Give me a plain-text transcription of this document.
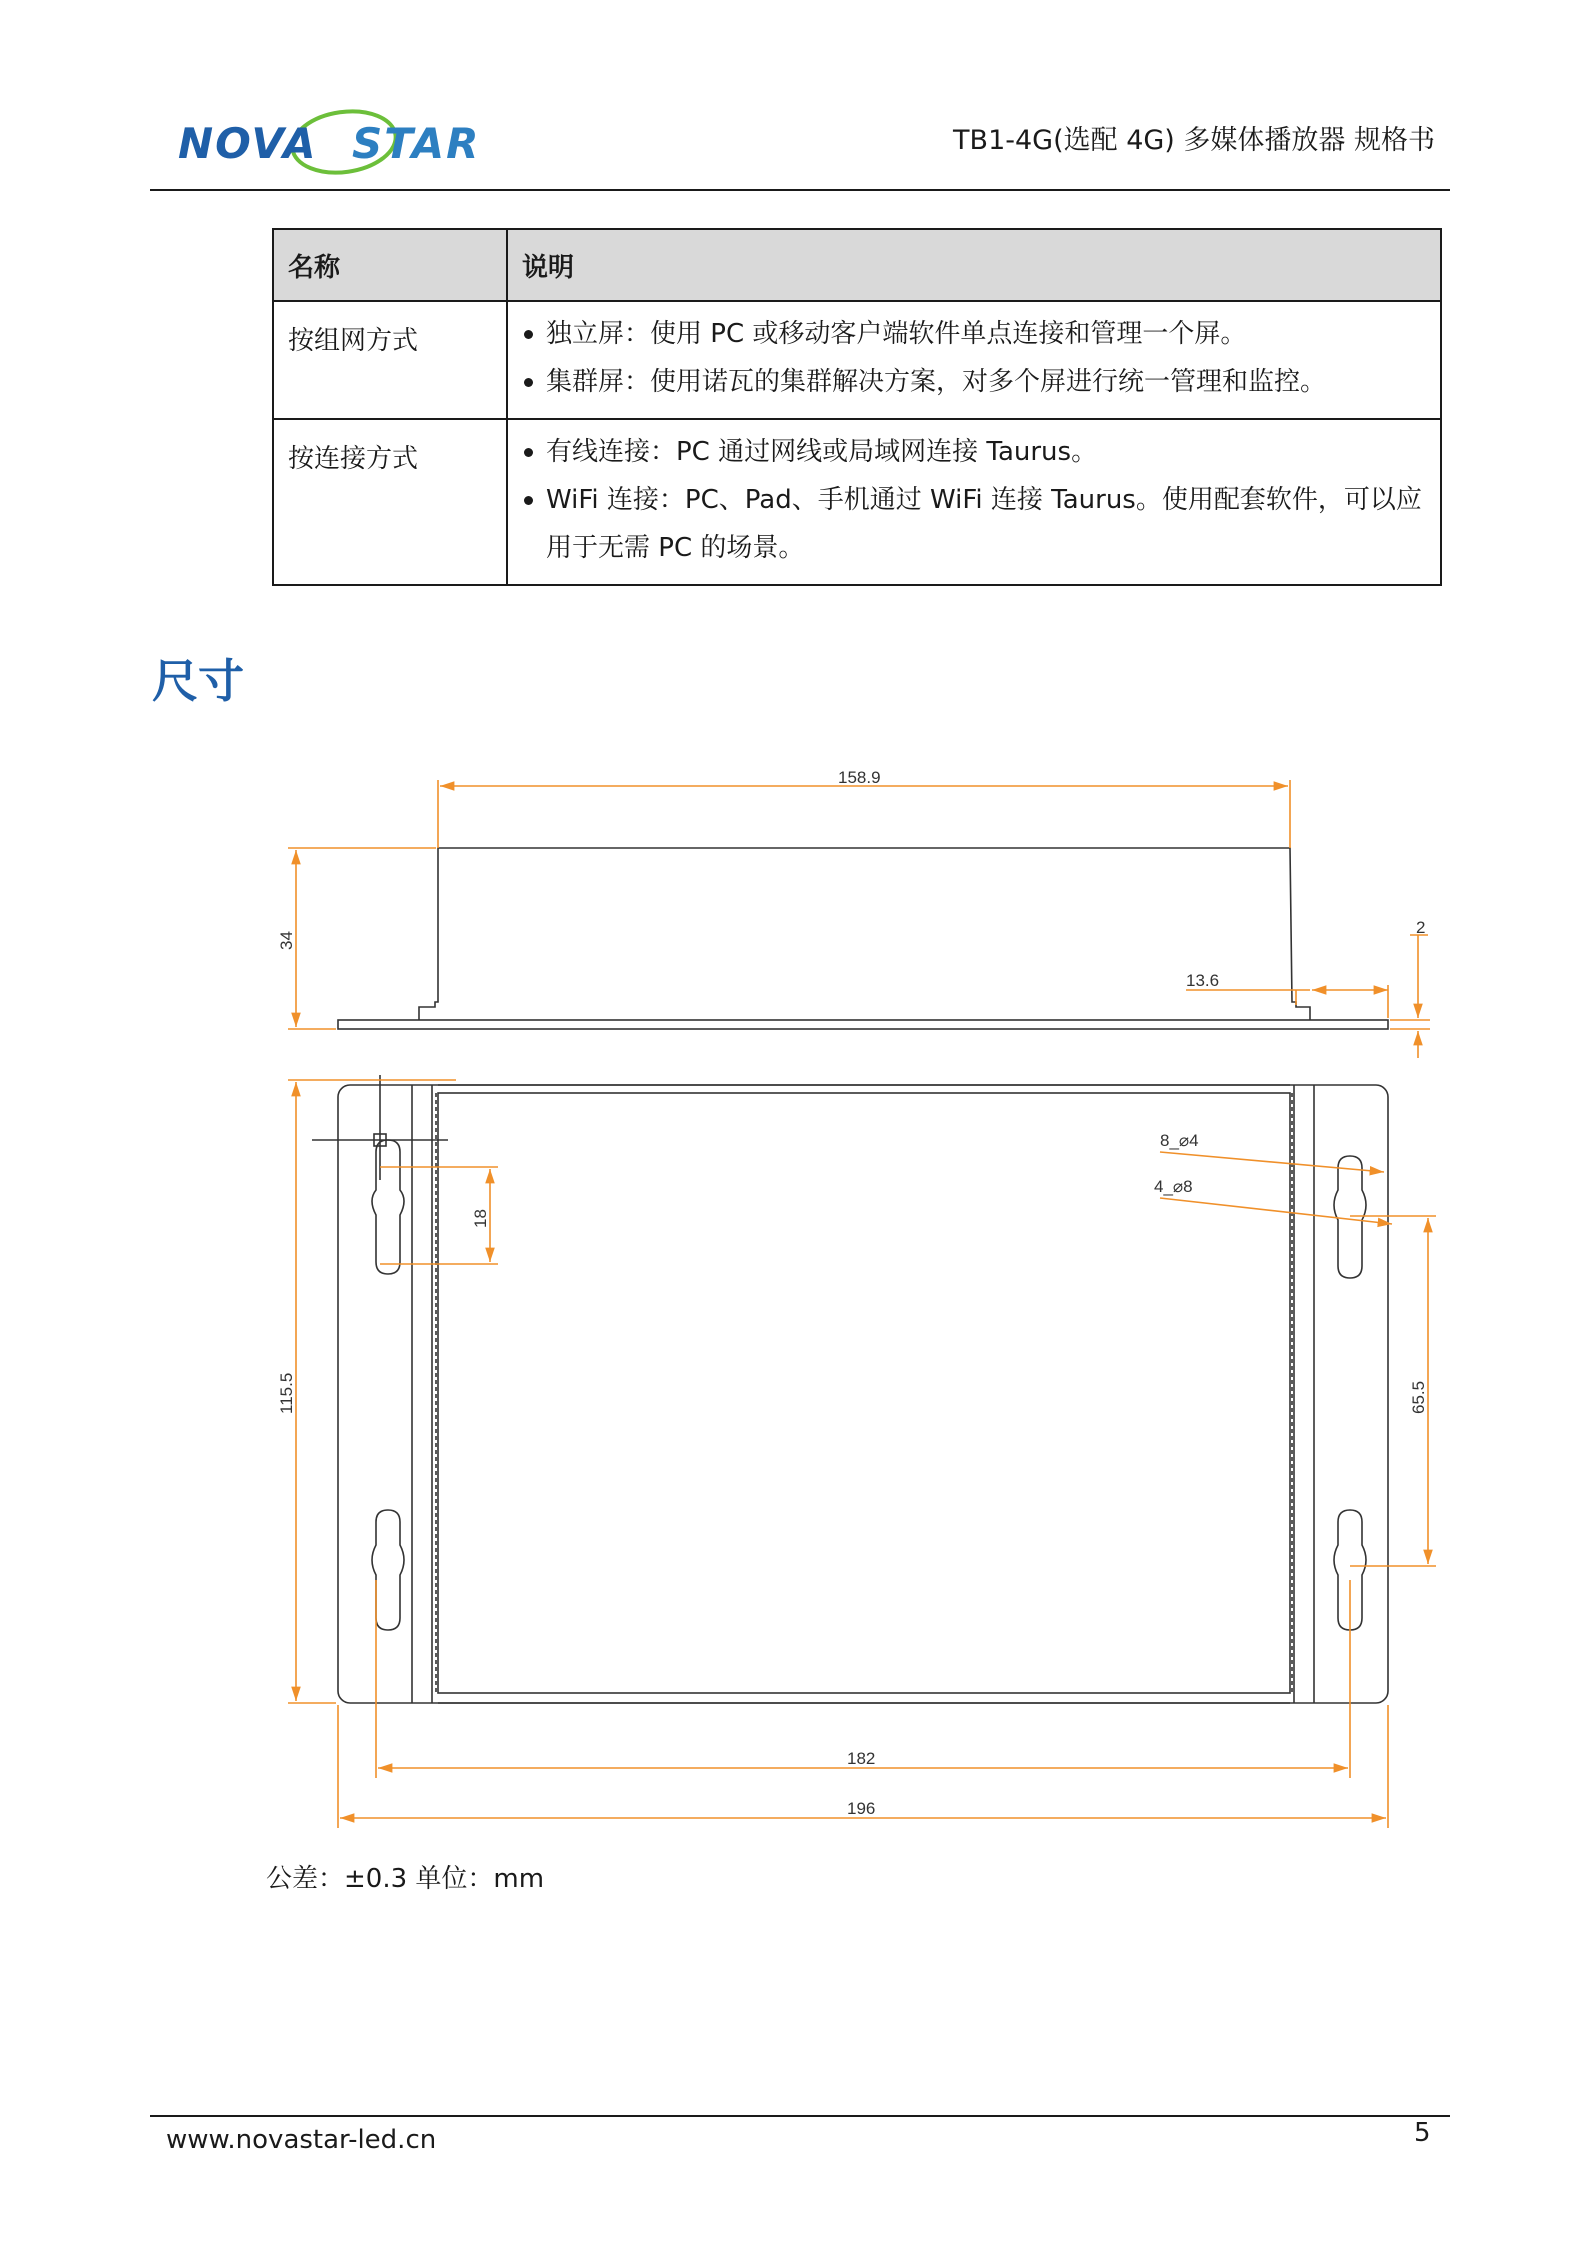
NOVA STAR	TB1-4G(选配 4G) 多媒体播放器 规格书
名称	说明
按组网方式	独立屏：使用 PC 或移动客户端软件单点连接和管理一个屏。
集群屏：使用诺瓦的集群解决方案，对多个屏进行统一管理和监控。

按连接方式	有线连接：PC 通过网线或局域网连接 Taurus。
WiFi 连接：PC、Pad、手机通过 WiFi 连接 Taurus。使用配套软件，可以应用于无需 PC 的场景。
尺寸
158.9
34
13.6
2
115.5
18
8_⌀4
4_⌀8
65.5
182
196
公差：±0.3 单位：mm
www.novastar-led.cn	5
